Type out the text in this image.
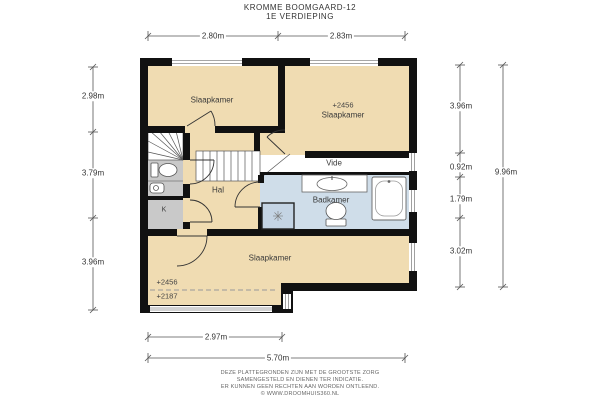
KROMME BOOMGAARD-12
1E VERDIEPING
Slaapkamer
+2456
Slaapkamer
Vide
Hal
Badkamer
K
Slaapkamer
+2456
+2187
2.80m	2.83m
2.98m
3.79m
3.96m
3.96m
0.92m
1.79m
3.02m
9.96m
2.97m
5.70m
DEZE PLATTEGRONDEN ZIJN MET DE GROOTSTE ZORG
SAMENGESTELD EN DIENEN TER INDICATIE.
ER KUNNEN GEEN RECHTEN AAN WORDEN ONTLEEND.
© WWW.DROOMHUIS360.NL
